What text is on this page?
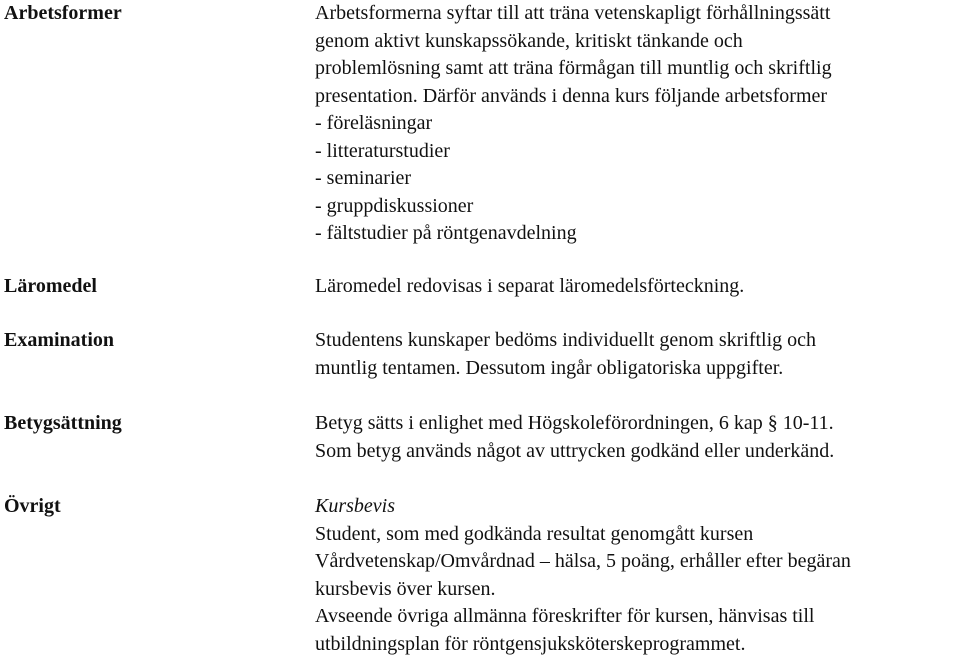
Arbetsformer	Arbetsformerna syftar till att träna vetenskapligt förhållningssätt
genom aktivt kunskapssökande, kritiskt tänkande och
problemlösning samt att träna förmågan till muntlig och skriftlig
presentation. Därför används i denna kurs följande arbetsformer
- föreläsningar
- litteraturstudier
- seminarier
- gruppdiskussioner
- fältstudier på röntgenavdelning
Läromedel	Läromedel redovisas i separat läromedelsförteckning.
Examination	Studentens kunskaper bedöms individuellt genom skriftlig och
muntlig tentamen. Dessutom ingår obligatoriska uppgifter.
Betygsättning	Betyg sätts i enlighet med Högskoleförordningen, 6 kap § 10-11.
Som betyg används något av uttrycken godkänd eller underkänd.
Övrigt	Kursbevis
Student, som med godkända resultat genomgått kursen
Vårdvetenskap/Omvårdnad – hälsa, 5 poäng, erhåller efter begäran
kursbevis över kursen.
Avseende övriga allmänna föreskrifter för kursen, hänvisas till
utbildningsplan för röntgensjuksköterskeprogrammet.
